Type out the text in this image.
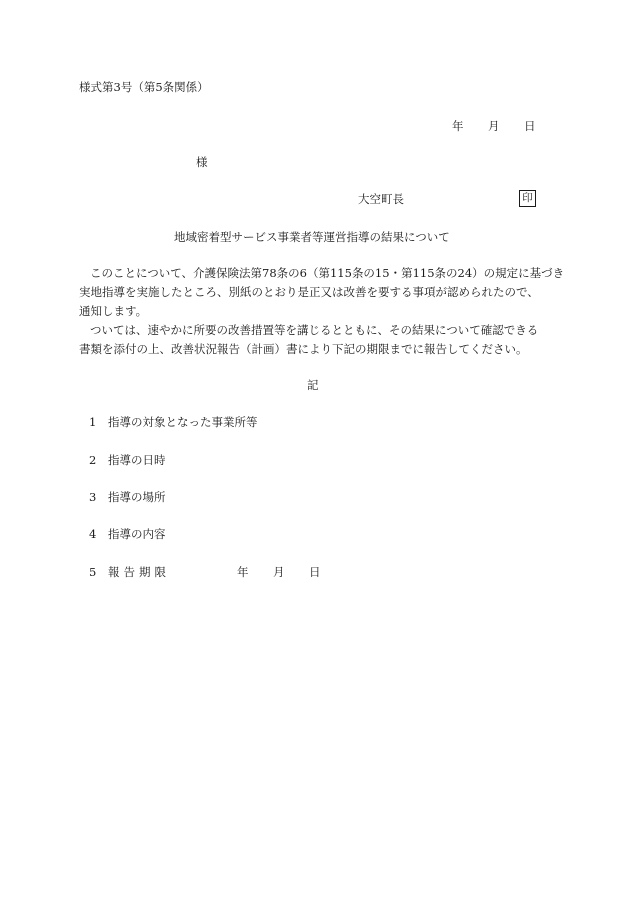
様式第3号（第5条関係）
年 月 日
様
大空町長	印
地域密着型サービス事業者等運営指導の結果について

このことについて、介護保険法第78条の6（第115条の15・第115条の24）の規定に基づき

実地指導を実施したところ、別紙のとおり是正又は改善を要する事項が認められたので、

通知します。

ついては、速やかに所要の改善措置等を講じるとともに、その結果について確認できる

書類を添付の上、改善状況報告（計画）書により下記の期限までに報告してください。

記
1 指導の対象となった事業所等
2 指導の日時
3 指導の場所
4 指導の内容
5 報告期限	年 月 日
